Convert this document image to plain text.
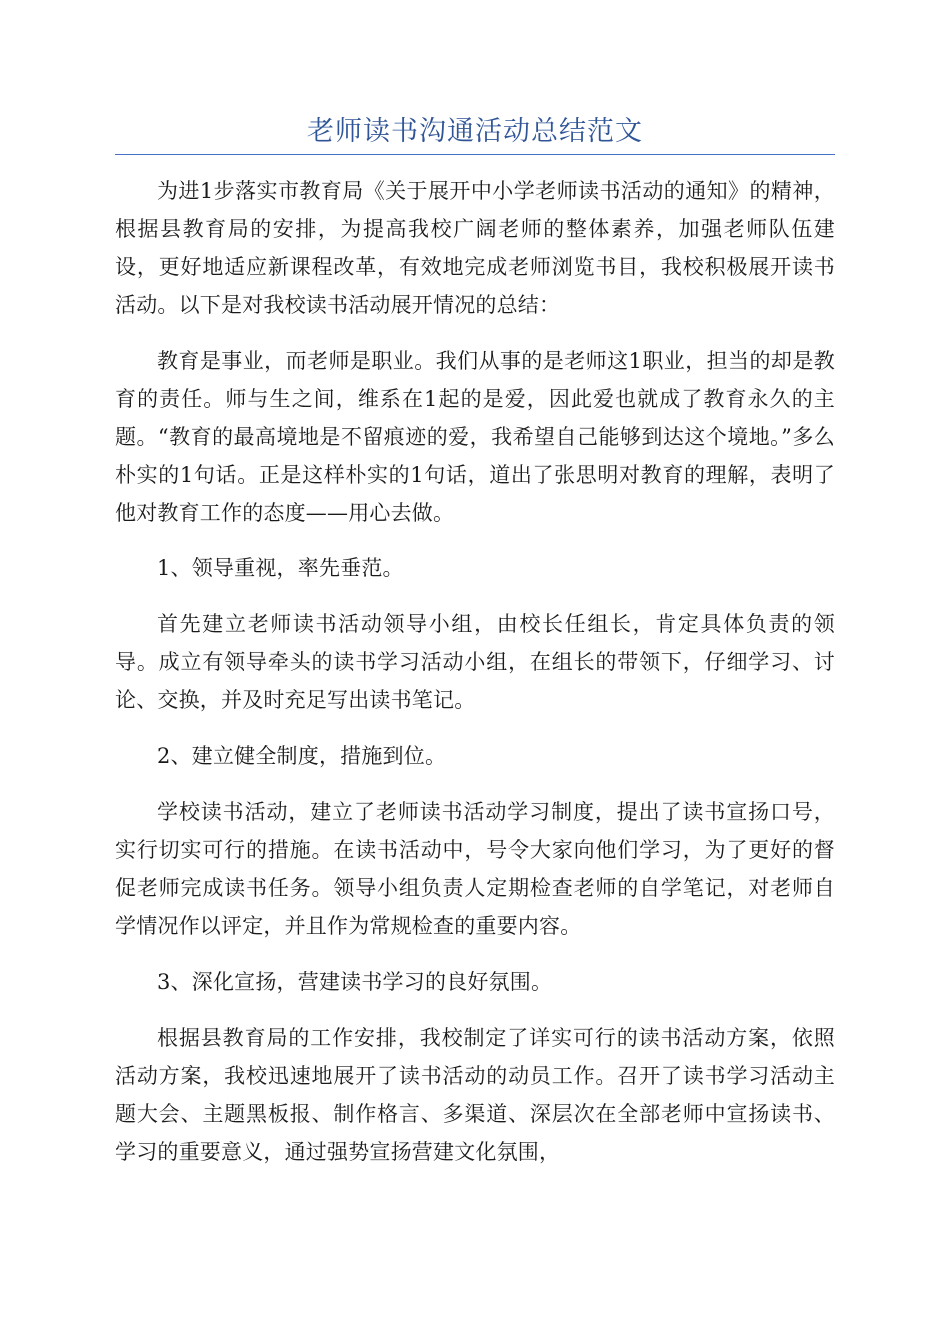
老师读书沟通活动总结范文

为进1步落实市教育局《关于展开中小学老师读书活动的通知》的精神，根据县教育局的安排，为提高我校广阔老师的整体素养，加强老师队伍建设，更好地适应新课程改革，有效地完成老师浏览书目，我校积极展开读书活动。以下是对我校读书活动展开情况的总结：

教育是事业，而老师是职业。我们从事的是老师这1职业，担当的却是教育的责任。师与生之间，维系在1起的是爱，因此爱也就成了教育永久的主题。“教育的最高境地是不留痕迹的爱，我希望自己能够到达这个境地。”多么朴实的1句话。正是这样朴实的1句话，道出了张思明对教育的理解，表明了他对教育工作的态度——用心去做。

1、领导重视，率先垂范。

首先建立老师读书活动领导小组，由校长任组长，肯定具体负责的领导。成立有领导牵头的读书学习活动小组，在组长的带领下，仔细学习、讨论、交换，并及时充足写出读书笔记。

2、建立健全制度，措施到位。

学校读书活动，建立了老师读书活动学习制度，提出了读书宣扬口号，实行切实可行的措施。在读书活动中，号令大家向他们学习，为了更好的督促老师完成读书任务。领导小组负责人定期检查老师的自学笔记，对老师自学情况作以评定，并且作为常规检查的重要内容。

3、深化宣扬，营建读书学习的良好氛围。

根据县教育局的工作安排，我校制定了详实可行的读书活动方案，依照活动方案，我校迅速地展开了读书活动的动员工作。召开了读书学习活动主题大会、主题黑板报、制作格言、多渠道、深层次在全部老师中宣扬读书、学习的重要意义，通过强势宣扬营建文化氛围，
